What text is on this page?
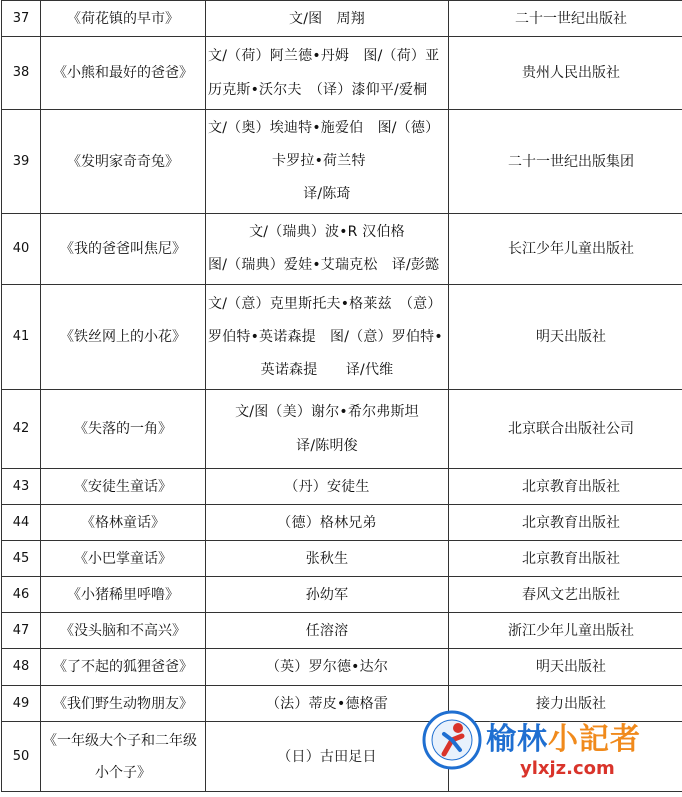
37	《荷花镇的早市》	文/图　周翔	二十一世纪出版社
38	《小熊和最好的爸爸》	文/（荷）阿兰德•丹姆　图/（荷）亚
历克斯•沃尔夫　（译）漆仰平/爱桐	贵州人民出版社
39	《发明家奇奇兔》	文/（奥）埃迪特•施爱伯　图/（德）
卡罗拉•荷兰特
译/陈琦	二十一世纪出版集团
40	《我的爸爸叫焦尼》	文/（瑞典）波•R 汉伯格
图/（瑞典）爱娃•艾瑞克松　译/彭懿	长江少年儿童出版社
41	《铁丝网上的小花》	文/（意）克里斯托夫•格莱兹　（意）
罗伯特•英诺森提　图/（意）罗伯特•
英诺森提　　译/代维	明天出版社
42	《失落的一角》	文/图（美）谢尔•希尔弗斯坦
译/陈明俊	北京联合出版社公司
43	《安徒生童话》	（丹）安徒生	北京教育出版社
44	《格林童话》	（德）格林兄弟	北京教育出版社
45	《小巴掌童话》	张秋生	北京教育出版社
46	《小猪稀里呼噜》	孙幼军	春风文艺出版社
47	《没头脑和不高兴》	任溶溶	浙江少年儿童出版社
48	《了不起的狐狸爸爸》	（英）罗尔德•达尔	明天出版社
49	《我们野生动物朋友》	（法）蒂皮•德格雷	接力出版社
50	《一年级大个子和二年级
小个子》	（日）古田足日	
		榆林小記者
ylxjz.com
